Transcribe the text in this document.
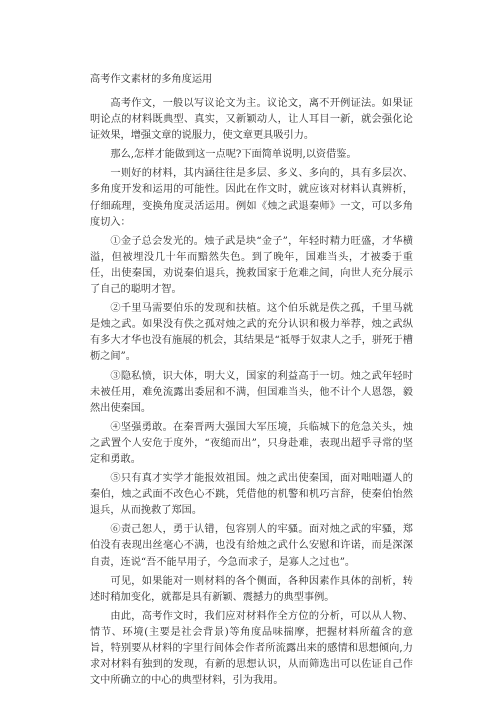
高考作文素材的多角度运用

高考作文，一般以写议论文为主。议论文，离不开例证法。如果证明论点的材料既典型、真实，又新颖动人，让人耳目一新，就会强化论证效果，增强文章的说服力，使文章更具吸引力。

那么,怎样才能做到这一点呢?下面简单说明,以资借鉴。

一则好的材料，其内涵往往是多层、多义、多向的，具有多层次、多角度开发和运用的可能性。因此在作文时，就应该对材料认真辨析，仔细疏理，变换角度灵活运用。例如《烛之武退秦师》一文，可以多角度切入：

①金子总会发光的。烛子武是块“金子”，年轻时精力旺盛，才华横溢，但被埋没几十年而黯然失色。到了晚年，国难当头，才被委于重任，出使秦国，劝说秦伯退兵，挽救国家于危难之间，向世人充分展示了自己的聪明才智。

②千里马需要伯乐的发现和扶植。这个伯乐就是佚之孤，千里马就是烛之武。如果没有佚之孤对烛之武的充分认识和极力举荐，烛之武纵有多大才华也没有施展的机会，其结果是“祗辱于奴隶人之手，骈死于槽枥之间”。

③隐私愤，识大体，明大义，国家的利益高于一切。烛之武年轻时未被任用，难免流露出委屈和不满，但国难当头，他不计个人恩怨，毅然出使秦国。

④坚强勇敢。在秦晋两大强国大军压境，兵临城下的危急关头，烛之武置个人安危于度外，“夜缒而出”，只身赴难，表现出超乎寻常的坚定和勇敢。

⑤只有真才实学才能报效祖国。烛之武出使秦国，面对咄咄逼人的秦伯，烛之武面不改色心不跳，凭借他的机警和机巧言辞，使秦伯怡然退兵，从而挽救了郑国。

⑥责己恕人，勇于认错，包容别人的牢骚。面对烛之武的牢骚，郑伯没有表现出丝毫心不满，也没有给烛之武什么安慰和许诺，而是深深自责，连说“吾不能早用子，今急而求子，是寡人之过也”。

可见，如果能对一则材料的各个侧面，各种因素作具体的剖析，转述时稍加变化，就都是具有新颖、震撼力的典型事例。

由此，高考作文时，我们应对材料作全方位的分析，可以从人物、情节、环境(主要是社会背景)等角度品味揣摩，把握材料所蕴含的意旨，特别要从材料的字里行间体会作者所流露出来的感情和思想倾向,力求对材料有独到的发现，有新的思想认识，从而筛选出可以佐证自己作文中所确立的中心的典型材料，引为我用。
